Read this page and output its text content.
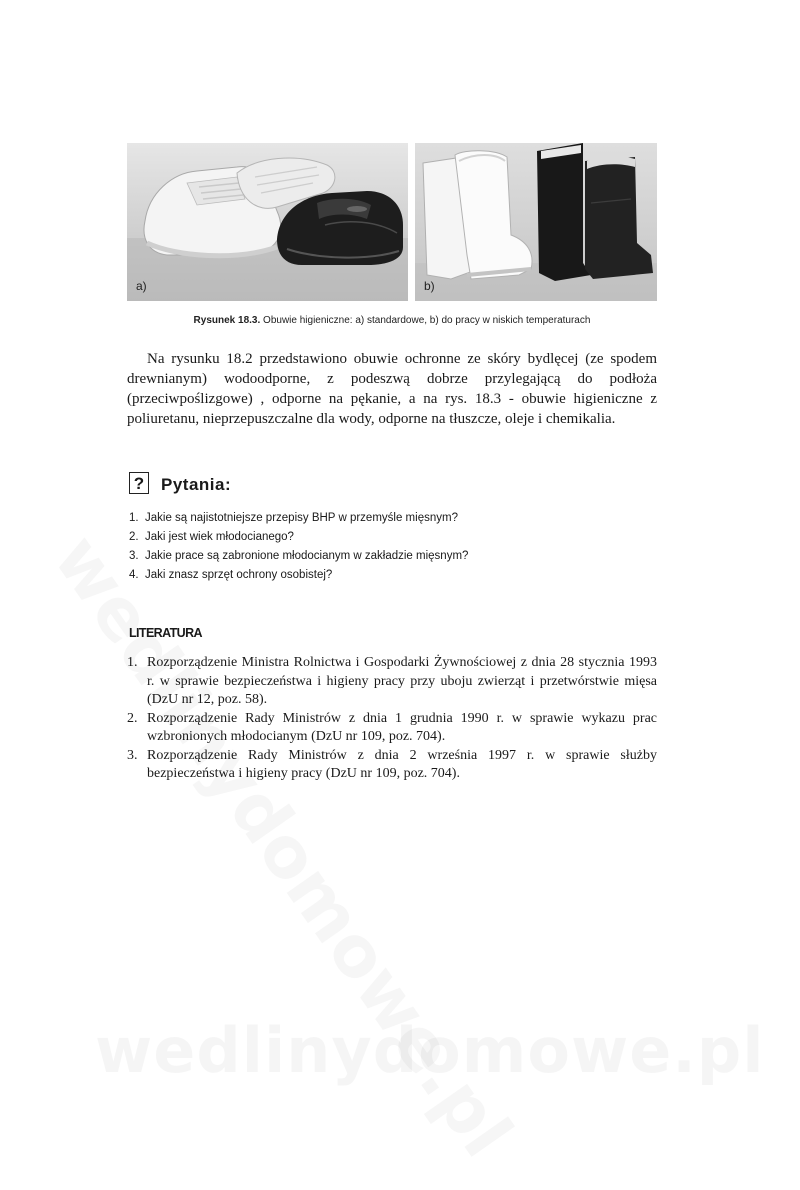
a)	b)
Rysunek 18.3. Obuwie higieniczne: a) standardowe, b) do pracy w niskich temperaturach

Na rysunku 18.2 przedstawiono obuwie ochronne ze skóry bydlęcej (ze spodem drewnianym) wodoodporne, z podeszwą dobrze przylegającą do podłoża (przeciwpoślizgowe) , odporne na pękanie, a na rys. 18.3 - obuwie higieniczne z poliuretanu, nieprzepuszczalne dla wody, odporne na tłuszcze, oleje i chemikalia.

? Pytania:
1. Jakie są najistotniejsze przepisy BHP w przemyśle mięsnym?
2. Jaki jest wiek młodocianego?
3. Jakie prace są zabronione młodocianym w zakładzie mięsnym?
4. Jaki znasz sprzęt ochrony osobistej?
LITERATURA
1. Rozporządzenie Ministra Rolnictwa i Gospodarki Żywnościowej z dnia 28 stycznia 1993 r. w sprawie bezpieczeństwa i higieny pracy przy uboju zwierząt i przetwórstwie mięsa (DzU nr 12, poz. 58).
2. Rozporządzenie Rady Ministrów z dnia 1 grudnia 1990 r. w sprawie wykazu prac wzbronionych młodocianym (DzU nr 109, poz. 704).
3. Rozporządzenie Rady Ministrów z dnia 2 września 1997 r. w sprawie służby bezpieczeństwa i higieny pracy (DzU nr 109, poz. 704).
